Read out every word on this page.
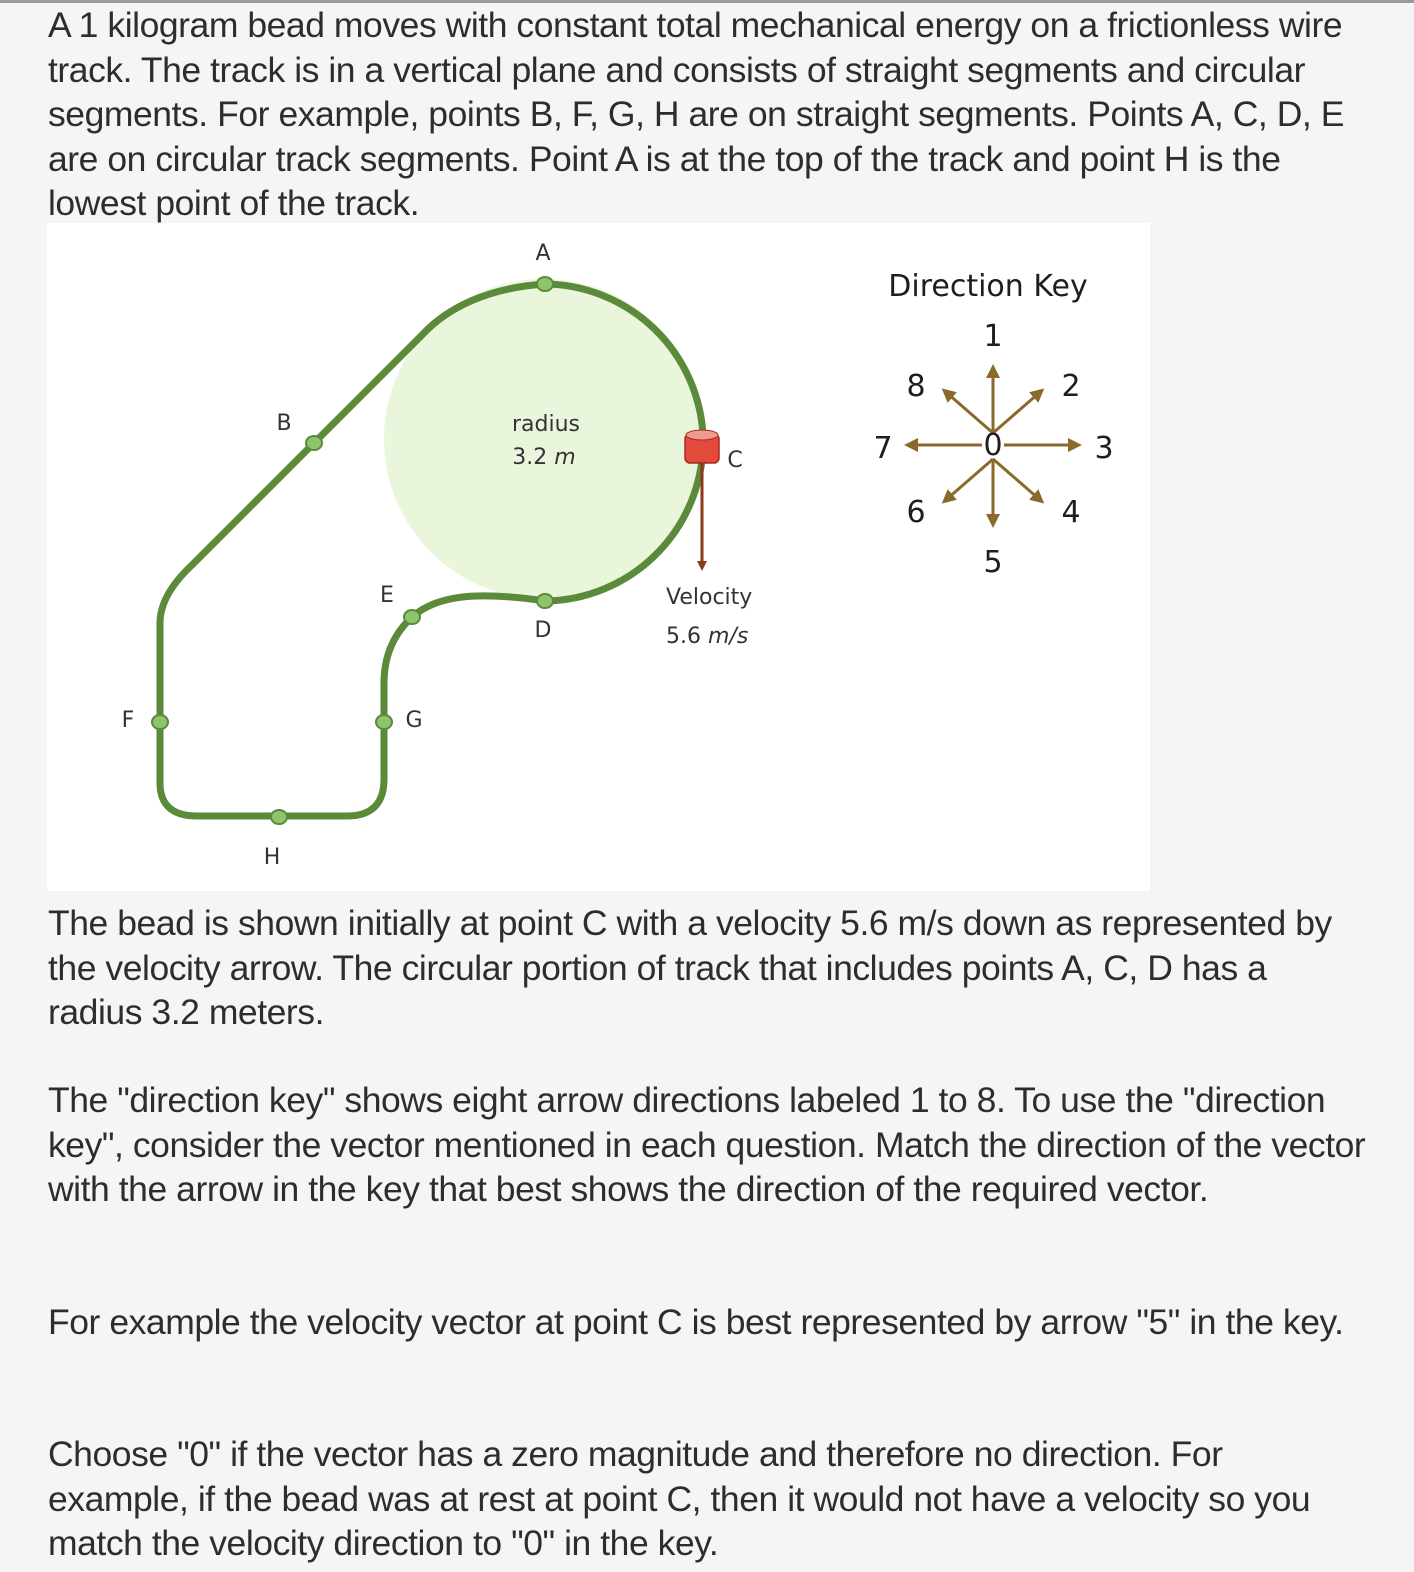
A 1 kilogram bead moves with constant total mechanical energy on a frictionless wire track. The track is in a vertical plane and consists of straight segments and circular segments. For example, points B, F, G, H are on straight segments. Points A, C, D, E are on circular track segments. Point A is at the top of the track and point H is the lowest point of the track.

A
B
C
D
E
F	G
H
radius
3.2 m
Velocity
5.6 m/s
Direction Key
0
1
2
3
4
5
6
7
8

The bead is shown initially at point C with a velocity 5.6 m/s down as represented by the velocity arrow. The circular portion of track that includes points A, C, D has a radius 3.2 meters.

The "direction key" shows eight arrow directions labeled 1 to 8. To use the "direction key", consider the vector mentioned in each question. Match the direction of the vector with the arrow in the key that best shows the direction of the required vector.

For example the velocity vector at point C is best represented by arrow "5" in the key.

Choose "0" if the vector has a zero magnitude and therefore no direction. For example, if the bead was at rest at point C, then it would not have a velocity so you match the velocity direction to "0" in the key.
